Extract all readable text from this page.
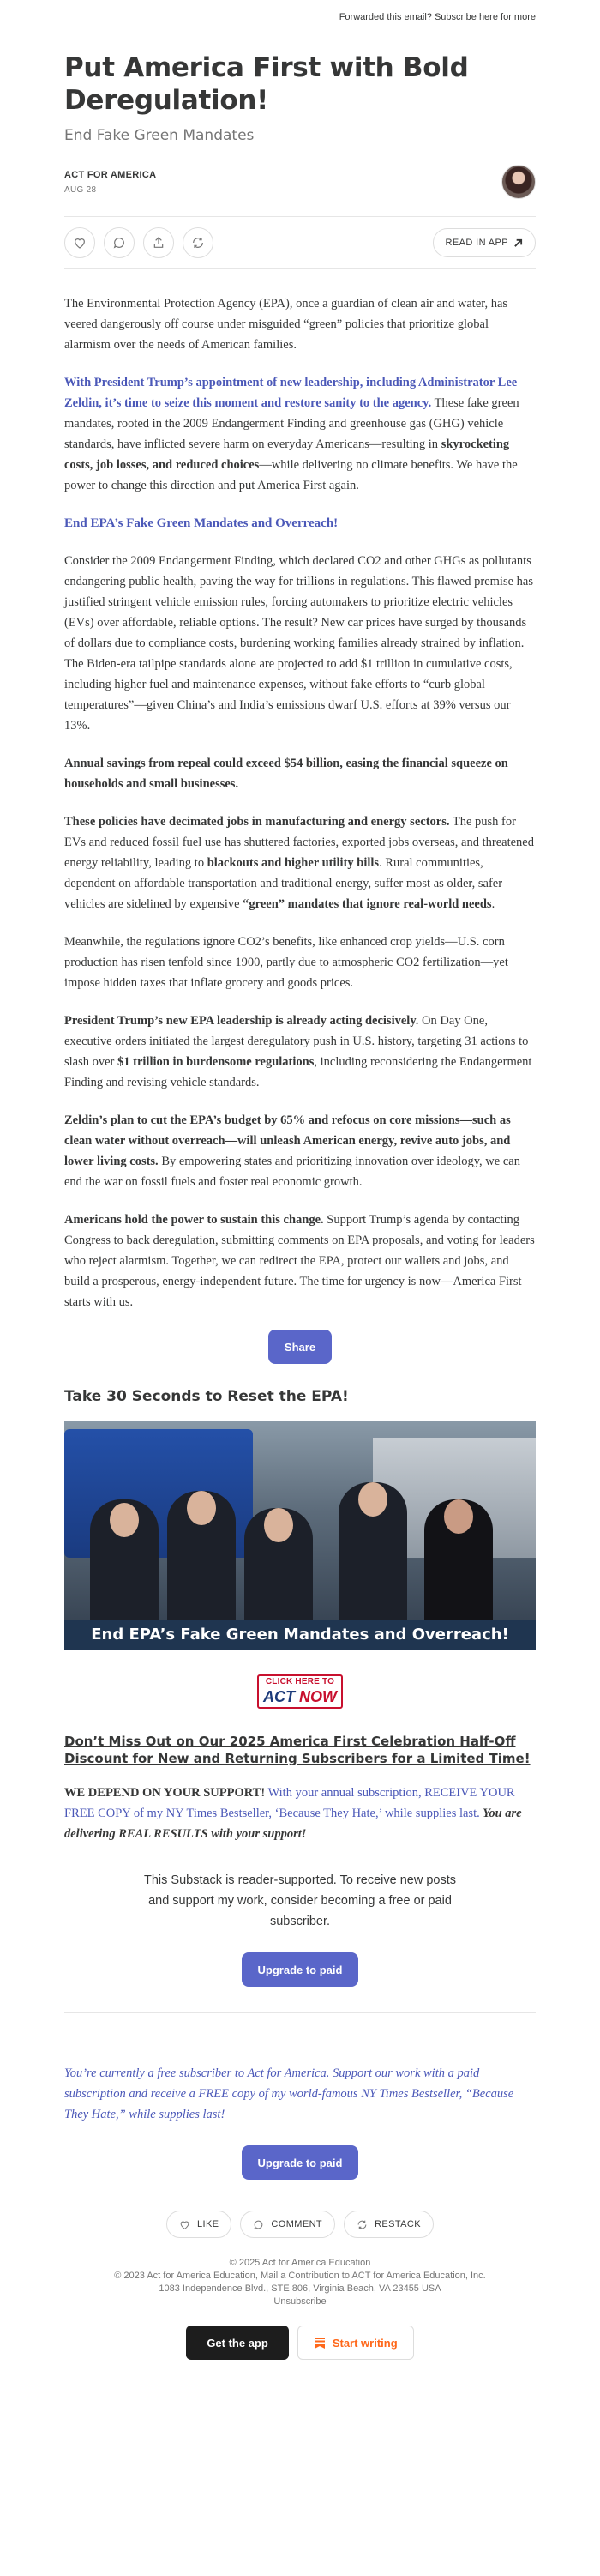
Forwarded this email? Subscribe here for more
Put America First with Bold Deregulation!
End Fake Green Mandates
ACT FOR AMERICA
AUG 28
READ IN APP

The Environmental Protection Agency (EPA), once a guardian of clean air and water, has veered dangerously off course under misguided “green” policies that prioritize global alarmism over the needs of American families.

With President Trump’s appointment of new leadership, including Administrator Lee Zeldin, it’s time to seize this moment and restore sanity to the agency. These fake green mandates, rooted in the 2009 Endangerment Finding and greenhouse gas (GHG) vehicle standards, have inflicted severe harm on everyday Americans—resulting in skyrocketing costs, job losses, and reduced choices—while delivering no climate benefits. We have the power to change this direction and put America First again.

End EPA’s Fake Green Mandates and Overreach!

Consider the 2009 Endangerment Finding, which declared CO2 and other GHGs as pollutants endangering public health, paving the way for trillions in regulations. This flawed premise has justified stringent vehicle emission rules, forcing automakers to prioritize electric vehicles (EVs) over affordable, reliable options. The result? New car prices have surged by thousands of dollars due to compliance costs, burdening working families already strained by inflation. The Biden-era tailpipe standards alone are projected to add $1 trillion in cumulative costs, including higher fuel and maintenance expenses, without fake efforts to “curb global temperatures”—given China’s and India’s emissions dwarf U.S. efforts at 39% versus our 13%.

Annual savings from repeal could exceed $54 billion, easing the financial squeeze on households and small businesses.

These policies have decimated jobs in manufacturing and energy sectors. The push for EVs and reduced fossil fuel use has shuttered factories, exported jobs overseas, and threatened energy reliability, leading to blackouts and higher utility bills. Rural communities, dependent on affordable transportation and traditional energy, suffer most as older, safer vehicles are sidelined by expensive “green” mandates that ignore real-world needs.

Meanwhile, the regulations ignore CO2’s benefits, like enhanced crop yields—U.S. corn production has risen tenfold since 1900, partly due to atmospheric CO2 fertilization—yet impose hidden taxes that inflate grocery and goods prices.

President Trump’s new EPA leadership is already acting decisively. On Day One, executive orders initiated the largest deregulatory push in U.S. history, targeting 31 actions to slash over $1 trillion in burdensome regulations, including reconsidering the Endangerment Finding and revising vehicle standards.

Zeldin’s plan to cut the EPA’s budget by 65% and refocus on core missions—such as clean water without overreach—will unleash American energy, revive auto jobs, and lower living costs. By empowering states and prioritizing innovation over ideology, we can end the war on fossil fuels and foster real economic growth.

Americans hold the power to sustain this change. Support Trump’s agenda by contacting Congress to back deregulation, submitting comments on EPA proposals, and voting for leaders who reject alarmism. Together, we can redirect the EPA, protect our wallets and jobs, and build a prosperous, energy-independent future. The time for urgency is now—America First starts with us.

Share
Take 30 Seconds to Reset the EPA!
End EPA’s Fake Green Mandates and Overreach!
CLICK HERE TO
ACT NOW
Don’t Miss Out on Our 2025 America First Celebration Half-Off Discount for New and Returning Subscribers for a Limited Time!

WE DEPEND ON YOUR SUPPORT! With your annual subscription, RECEIVE YOUR FREE COPY of my NY Times Bestseller, ‘Because They Hate,’ while supplies last. You are delivering REAL RESULTS with your support!

This Substack is reader-supported. To receive new posts and support my work, consider becoming a free or paid subscriber.

Upgrade to paid

You’re currently a free subscriber to Act for America. Support our work with a paid subscription and receive a FREE copy of my world-famous NY Times Bestseller, “Because They Hate,” while supplies last!

Upgrade to paid
LIKE	COMMENT	RESTACK
© 2025 Act for America Education
© 2023 Act for America Education, Mail a Contribution to ACT for America Education, Inc.
1083 Independence Blvd., STE 806, Virginia Beach, VA 23455 USA
Unsubscribe
Get the app	Start writing
